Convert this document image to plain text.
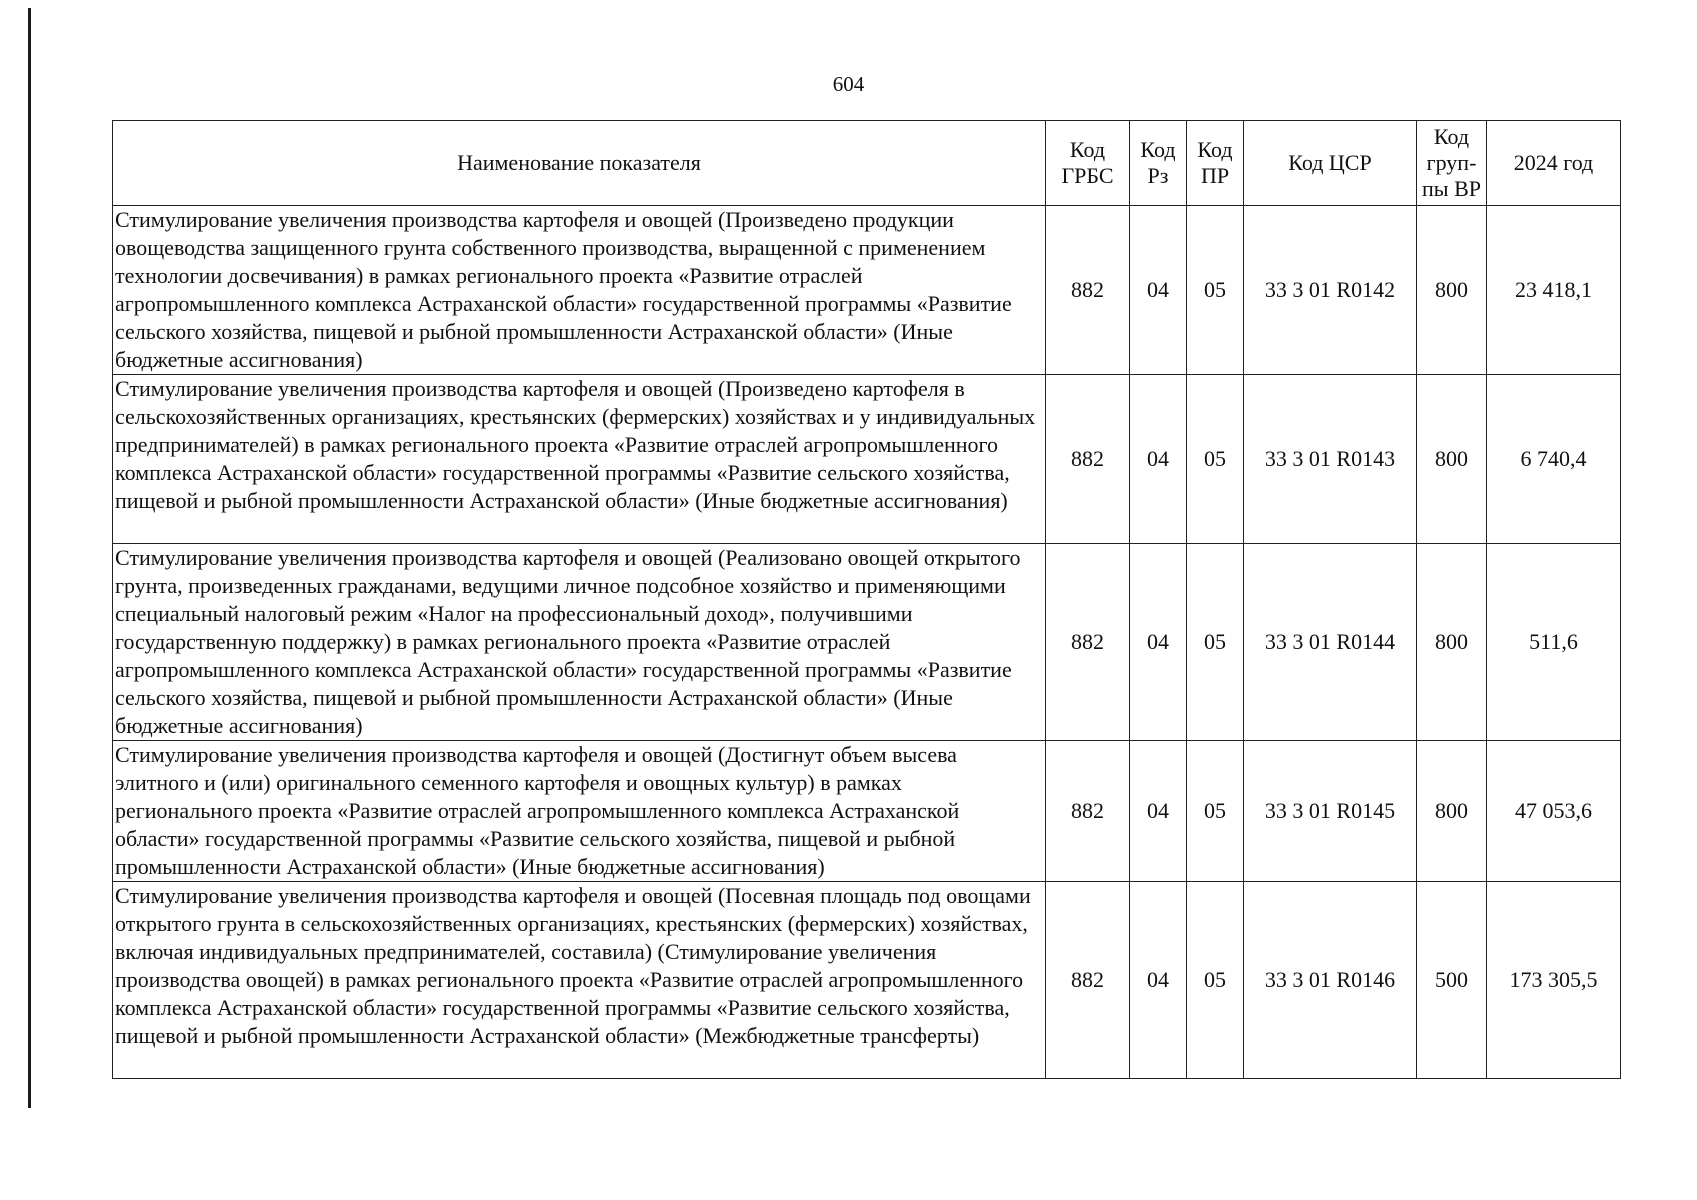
604
Наименование показателя	Код ГРБС	Код Рз	Код ПР	Код ЦСР	Код груп-пы ВР	2024 год
Стимулирование увеличения производства картофеля и овощей (Произведено продукции овощеводства защищенного грунта собственного производства, выращенной с применением технологии досвечивания) в рамках регионального проекта «Развитие отраслей агропромышленного комплекса Астраханской области» государственной программы «Развитие сельского хозяйства, пищевой и рыбной промышленности Астраханской области» (Иные бюджетные ассигнования)	882	04	05	33 3 01 R0142	800	23 418,1
Стимулирование увеличения производства картофеля и овощей (Произведено картофеля в сельскохозяйственных организациях, крестьянских (фермерских) хозяйствах и у индивидуальных предпринимателей) в рамках регионального проекта «Развитие отраслей агропромышленного комплекса Астраханской области» государственной программы «Развитие сельского хозяйства, пищевой и рыбной промышленности Астраханской области» (Иные бюджетные ассигнования)	882	04	05	33 3 01 R0143	800	6 740,4
Стимулирование увеличения производства картофеля и овощей (Реализовано овощей открытого грунта, произведенных гражданами, ведущими личное подсобное хозяйство и применяющими специальный налоговый режим «Налог на профессиональный доход», получившими государственную поддержку) в рамках регионального проекта «Развитие отраслей агропромышленного комплекса Астраханской области» государственной программы «Развитие сельского хозяйства, пищевой и рыбной промышленности Астраханской области» (Иные бюджетные ассигнования)	882	04	05	33 3 01 R0144	800	511,6
Стимулирование увеличения производства картофеля и овощей (Достигнут объем высева элитного и (или) оригинального семенного картофеля и овощных культур) в рамках регионального проекта «Развитие отраслей агропромышленного комплекса Астраханской области» государственной программы «Развитие сельского хозяйства, пищевой и рыбной промышленности Астраханской области» (Иные бюджетные ассигнования)	882	04	05	33 3 01 R0145	800	47 053,6
Стимулирование увеличения производства картофеля и овощей (Посевная площадь под овощами открытого грунта в сельскохозяйственных организациях, крестьянских (фермерских) хозяйствах, включая индивидуальных предпринимателей, составила) (Стимулирование увеличения производства овощей) в рамках регионального проекта «Развитие отраслей агропромышленного комплекса Астраханской области» государственной программы «Развитие сельского хозяйства, пищевой и рыбной промышленности Астраханской области» (Межбюджетные трансферты)	882	04	05	33 3 01 R0146	500	173 305,5
